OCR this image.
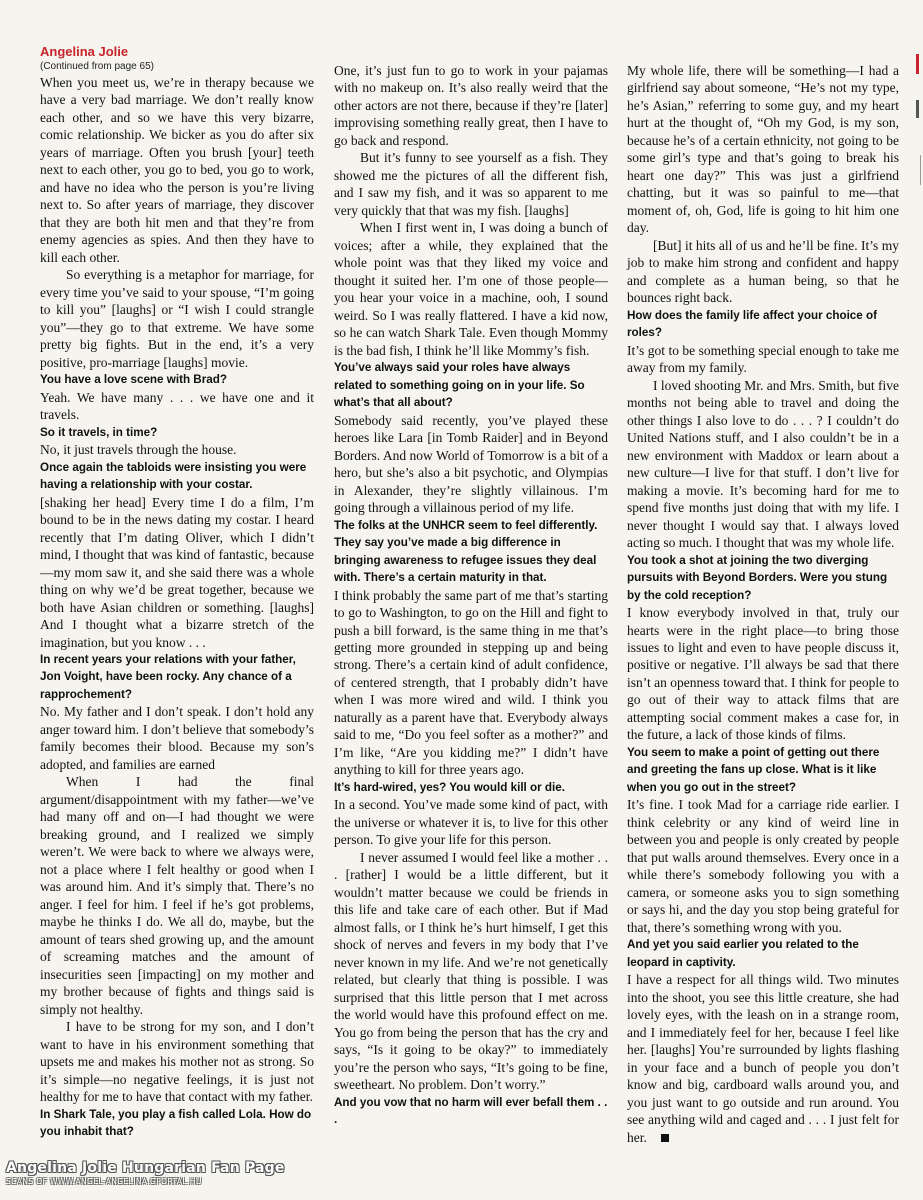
Angelina Jolie

(Continued from page 65)

When you meet us, we’re in therapy because we have a very bad marriage. We don’t really know each other, and so we have this very bizarre, comic relationship. We bicker as you do after six years of marriage. Often you brush [your] teeth next to each other, you go to bed, you go to work, and have no idea who the person is you’re living next to. So after years of marriage, they discover that they are both hit men and that they’re from enemy agencies as spies. And then they have to kill each other.

So everything is a metaphor for marriage, for every time you’ve said to your spouse, “I’m going to kill you” [laughs] or “I wish I could strangle you”—they go to that extreme. We have some pretty big fights. But in the end, it’s a very positive, pro-marriage [laughs] movie.

You have a love scene with Brad?

Yeah. We have many . . . we have one and it travels.

So it travels, in time?

No, it just travels through the house.

Once again the tabloids were insisting you were having a relationship with your costar.

[shaking her head] Every time I do a film, I’m bound to be in the news dating my costar. I heard recently that I’m dating Oliver, which I didn’t mind, I thought that was kind of fantastic, because—my mom saw it, and she said there was a whole thing on why we’d be great together, because we both have Asian children or something. [laughs] And I thought what a bizarre stretch of the imagination, but you know . . .

In recent years your relations with your father, Jon Voight, have been rocky. Any chance of a rapprochement?

No. My father and I don’t speak. I don’t hold any anger toward him. I don’t believe that somebody’s family becomes their blood. Because my son’s adopted, and families are earned

When I had the final argument/disappointment with my father—we’ve had many off and on—I had thought we were breaking ground, and I realized we simply weren’t. We were back to where we always were, not a place where I felt healthy or good when I was around him. And it’s simply that. There’s no anger. I feel for him. I feel if he’s got problems, maybe he thinks I do. We all do, maybe, but the amount of tears shed growing up, and the amount of screaming matches and the amount of insecurities seen [impacting] on my mother and my brother because of fights and things said is simply not healthy.

I have to be strong for my son, and I don’t want to have in his environment something that upsets me and makes his mother not as strong. So it’s simple—no negative feelings, it is just not healthy for me to have that contact with my father.

In Shark Tale, you play a fish called Lola. How do you inhabit that?

One, it’s just fun to go to work in your pajamas with no makeup on. It’s also really weird that the other actors are not there, because if they’re [later] improvising something really great, then I have to go back and respond.

But it’s funny to see yourself as a fish. They showed me the pictures of all the different fish, and I saw my fish, and it was so apparent to me very quickly that that was my fish. [laughs]

When I first went in, I was doing a bunch of voices; after a while, they explained that the whole point was that they liked my voice and thought it suited her. I’m one of those people—you hear your voice in a machine, ooh, I sound weird. So I was really flattered. I have a kid now, so he can watch Shark Tale. Even though Mommy is the bad fish, I think he’ll like Mommy’s fish.

You’ve always said your roles have always related to something going on in your life. So what’s that all about?

Somebody said recently, you’ve played these heroes like Lara [in Tomb Raider] and in Beyond Borders. And now World of Tomorrow is a bit of a hero, but she’s also a bit psychotic, and Olympias in Alexander, they’re slightly villainous. I’m going through a villainous period of my life.

The folks at the UNHCR seem to feel differently. They say you’ve made a big difference in bringing awareness to refugee issues they deal with. There’s a certain maturity in that.

I think probably the same part of me that’s starting to go to Washington, to go on the Hill and fight to push a bill forward, is the same thing in me that’s getting more grounded in stepping up and being strong. There’s a certain kind of adult confidence, of centered strength, that I probably didn’t have when I was more wired and wild. I think you naturally as a parent have that. Everybody always said to me, “Do you feel softer as a mother?” and I’m like, “Are you kidding me?” I didn’t have anything to kill for three years ago.

It’s hard-wired, yes? You would kill or die.

In a second. You’ve made some kind of pact, with the universe or whatever it is, to live for this other person. To give your life for this person.

I never assumed I would feel like a mother . . . [rather] I would be a little different, but it wouldn’t matter because we could be friends in this life and take care of each other. But if Mad almost falls, or I think he’s hurt himself, I get this shock of nerves and fevers in my body that I’ve never known in my life. And we’re not genetically related, but clearly that thing is possible. I was surprised that this little person that I met across the world would have this profound effect on me. You go from being the person that has the cry and says, “Is it going to be okay?” to immediately you’re the person who says, “It’s going to be fine, sweetheart. No problem. Don’t worry.”

And you vow that no harm will ever befall them . . .

My whole life, there will be something—I had a girlfriend say about someone, “He’s not my type, he’s Asian,” referring to some guy, and my heart hurt at the thought of, “Oh my God, is my son, because he’s of a certain ethnicity, not going to be some girl’s type and that’s going to break his heart one day?” This was just a girlfriend chatting, but it was so painful to me—that moment of, oh, God, life is going to hit him one day.

[But] it hits all of us and he’ll be fine. It’s my job to make him strong and confident and happy and complete as a human being, so that he bounces right back.

How does the family life affect your choice of roles?

It’s got to be something special enough to take me away from my family.

I loved shooting Mr. and Mrs. Smith, but five months not being able to travel and doing the other things I also love to do . . . ? I couldn’t do United Nations stuff, and I also couldn’t be in a new environment with Maddox or learn about a new culture—I live for that stuff. I don’t live for making a movie. It’s becoming hard for me to spend five months just doing that with my life. I never thought I would say that. I always loved acting so much. I thought that was my whole life.

You took a shot at joining the two diverging pursuits with Beyond Borders. Were you stung by the cold reception?

I know everybody involved in that, truly our hearts were in the right place—to bring those issues to light and even to have people discuss it, positive or negative. I’ll always be sad that there isn’t an openness toward that. I think for people to go out of their way to attack films that are attempting social comment makes a case for, in the future, a lack of those kinds of films.

You seem to make a point of getting out there and greeting the fans up close. What is it like when you go out in the street?

It’s fine. I took Mad for a carriage ride earlier. I think celebrity or any kind of weird line in between you and people is only created by people that put walls around themselves. Every once in a while there’s somebody following you with a camera, or someone asks you to sign something or says hi, and the day you stop being grateful for that, there’s something wrong with you.

And yet you said earlier you related to the leopard in captivity.

I have a respect for all things wild. Two minutes into the shoot, you see this little creature, she had lovely eyes, with the leash on in a strange room, and I immediately feel for her, because I feel like her. [laughs] You’re surrounded by lights flashing in your face and a bunch of people you don’t know and big, cardboard walls around you, and you just want to go outside and run around. You see anything wild and caged and . . . I just felt for her.

Angelina Jolie Hungarian Fan Page
SCANS OF WWW.ANGEL-ANGELINA.GPORTAL.HU
